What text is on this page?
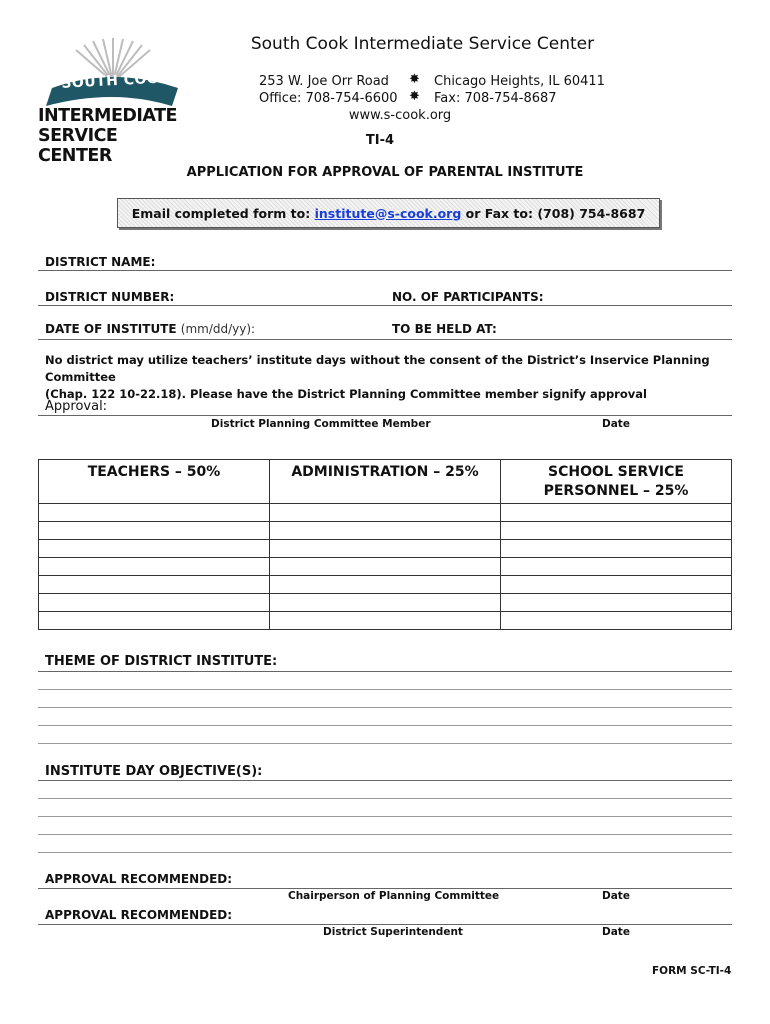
SOUTH COOK
INTERMEDIATE
SERVICE CENTER
South Cook Intermediate Service Center
253 W. Joe Orr Road ✸ Chicago Heights, IL 60411
Office: 708-754-6600 ✸ Fax: 708-754-8687
www.s-cook.org
TI-4
APPLICATION FOR APPROVAL OF PARENTAL INSTITUTE
Email completed form to:
institute@s-cook.org
or Fax to: (708) 754-8687
DISTRICT NAME:
DISTRICT NUMBER:	NO. OF PARTICIPANTS:
DATE OF INSTITUTE (mm/dd/yy):	TO BE HELD AT:
No district may utilize teachers’ institute days without the consent of the District’s Inservice Planning Committee
(Chap. 122 10-22.18). Please have the District Planning Committee member signify approval
Approval:
District Planning Committee Member	Date
TEACHERS – 50%	ADMINISTRATION – 25%	SCHOOL SERVICE
PERSONNEL – 25%

THEME OF DISTRICT INSTITUTE:
INSTITUTE DAY OBJECTIVE(S):
APPROVAL RECOMMENDED:
Chairperson of Planning Committee	Date
APPROVAL RECOMMENDED:
District Superintendent	Date
FORM SC-TI-4
